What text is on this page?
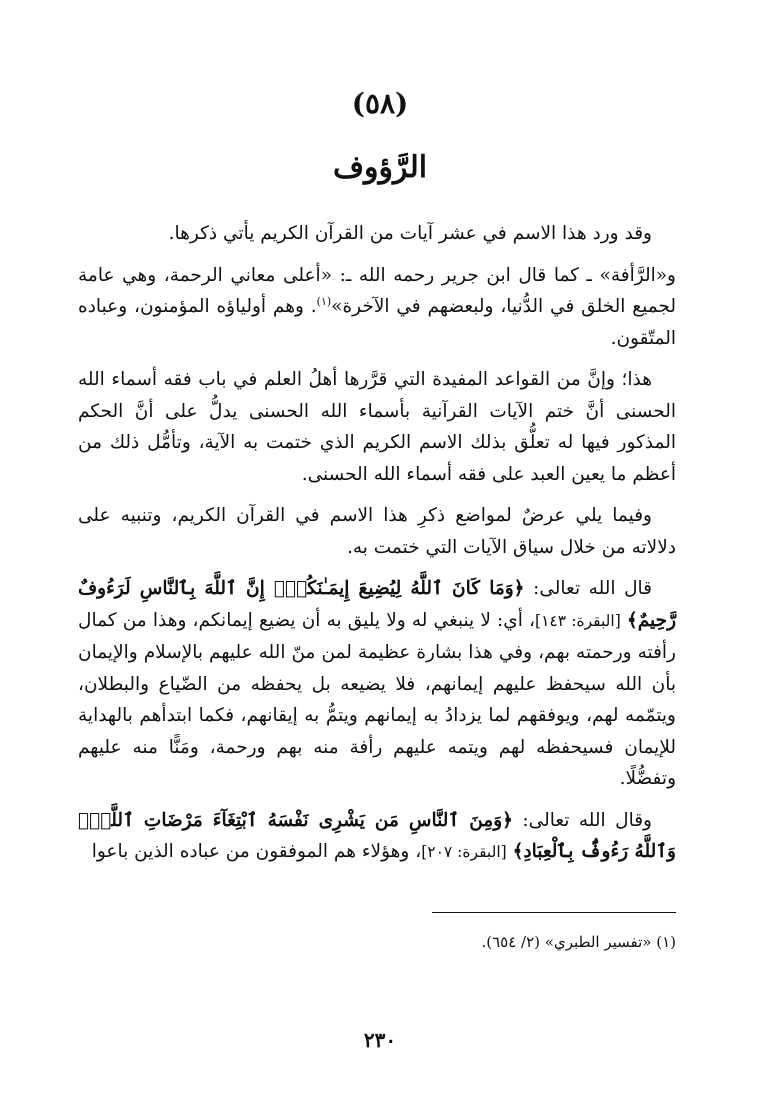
(٥٨)
الرَّؤوف

وقد ورد هذا الاسم في عشر آيات من القرآن الكريم يأتي ذكرها.

و«الرَّأفة» ـ كما قال ابن جرير رحمه الله ـ: «أعلى معاني الرحمة، وهي عامة لجميع الخلق في الدُّنيا، ولبعضهم في الآخرة»$^{(١)}$. وهم أولياؤه المؤمنون، وعباده المتّقون.

هذا؛ وإنَّ من القواعد المفيدة التي قرَّرها أهلُ العلم في باب فقه أسماء الله الحسنى أنَّ ختم الآيات القرآنية بأسماء الله الحسنى يدلُّ على أنَّ الحكم المذكور فيها له تعلُّق بذلك الاسم الكريم الذي ختمت به الآية، وتأمُّل ذلك من أعظم ما يعين العبد على فقه أسماء الله الحسنى.

وفيما يلي عرضٌ لمواضع ذكرِ هذا الاسم في القرآن الكريم، وتنبيه على دلالاته من خلال سياق الآيات التي ختمت به.

قال الله تعالى: ﴿وَمَا كَانَ ٱللَّهُ لِيُضِيعَ إِيمَـٰنَكُمْۚ إِنَّ ٱللَّهَ بِٱلنَّاسِ لَرَءُوفٌ رَّحِيمٌ﴾ [البقرة: ١٤٣]، أي: لا ينبغي له ولا يليق به أن يضيع إيمانكم، وهذا من كمال رأفته ورحمته بهم، وفي هذا بشارة عظيمة لمن منّ الله عليهم بالإسلام والإيمان بأن الله سيحفظ عليهم إيمانهم، فلا يضيعه بل يحفظه من الضّياع والبطلان، ويتمّمه لهم، ويوفقهم لما يزدادُ به إيمانهم ويتمُّ به إيقانهم، فكما ابتدأهم بالهداية للإيمان فسيحفظه لهم ويتمه عليهم رأفة منه بهم ورحمة، ومَنًّا منه عليهم وتفضُّلًا.

وقال الله تعالى: ﴿وَمِنَ ٱلنَّاسِ مَن يَشْرِى نَفْسَهُ ٱبْتِغَآءَ مَرْضَاتِ ٱللَّهِۗ وَٱللَّهُ رَءُوفٌۢ بِٱلْعِبَادِ﴾ [البقرة: ٢٠٧]، وهؤلاء هم الموفقون من عباده الذين باعوا

(١) «تفسير الطبري» (٢/ ٦٥٤).
٢٣٠
